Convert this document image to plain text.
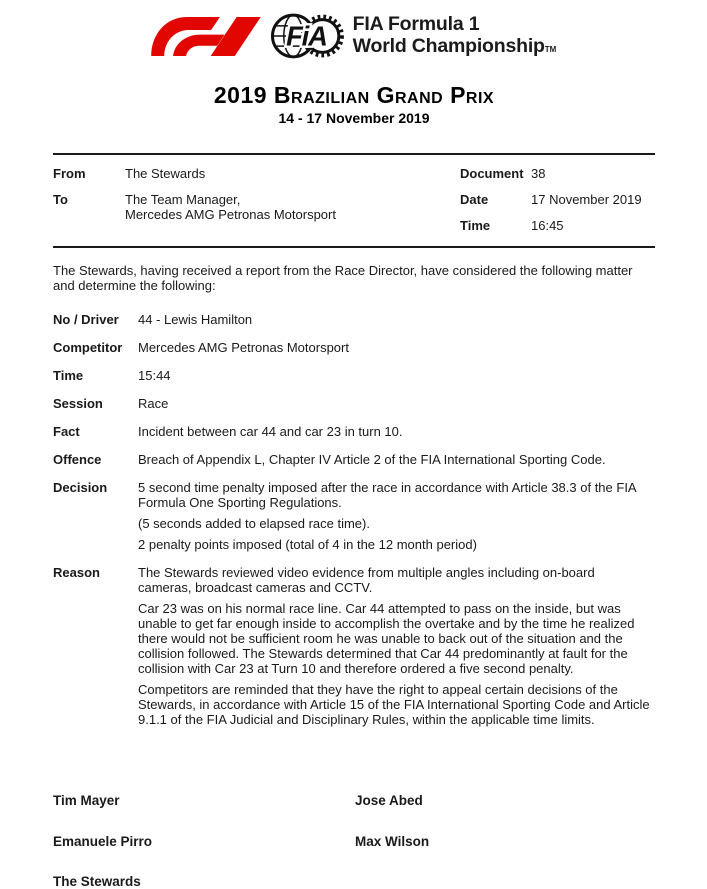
FiA FIA Formula 1
World ChampionshipTM
2019 Brazilian Grand Prix
14 - 17 November 2019
From	The Stewards
To	The Team Manager,
Mercedes AMG Petronas Motorsport
Document 38
Date	17 November 2019
Time	16:45

The Stewards, having received a report from the Race Director, have considered the following matter and determine the following:

No / Driver	44 - Lewis Hamilton

Competitor	Mercedes AMG Petronas Motorsport

Time	15:44

Session	Race

Fact	Incident between car 44 and car 23 in turn 10.

Offence	Breach of Appendix L, Chapter IV Article 2 of the FIA International Sporting Code.

Decision	5 second time penalty imposed after the race in accordance with Article 38.3 of the FIA Formula One Sporting Regulations.

(5 seconds added to elapsed race time).

2 penalty points imposed (total of 4 in the 12 month period)

Reason	The Stewards reviewed video evidence from multiple angles including on-board cameras, broadcast cameras and CCTV.

Car 23 was on his normal race line. Car 44 attempted to pass on the inside, but was unable to get far enough inside to accomplish the overtake and by the time he realized there would not be sufficient room he was unable to back out of the situation and the collision followed. The Stewards determined that Car 44 predominantly at fault for the collision with Car 23 at Turn 10 and therefore ordered a five second penalty.

Competitors are reminded that they have the right to appeal certain decisions of the Stewards, in accordance with Article 15 of the FIA International Sporting Code and Article 9.1.1 of the FIA Judicial and Disciplinary Rules, within the applicable time limits.

Tim Mayer	Jose Abed
Emanuele Pirro	Max Wilson
The Stewards
